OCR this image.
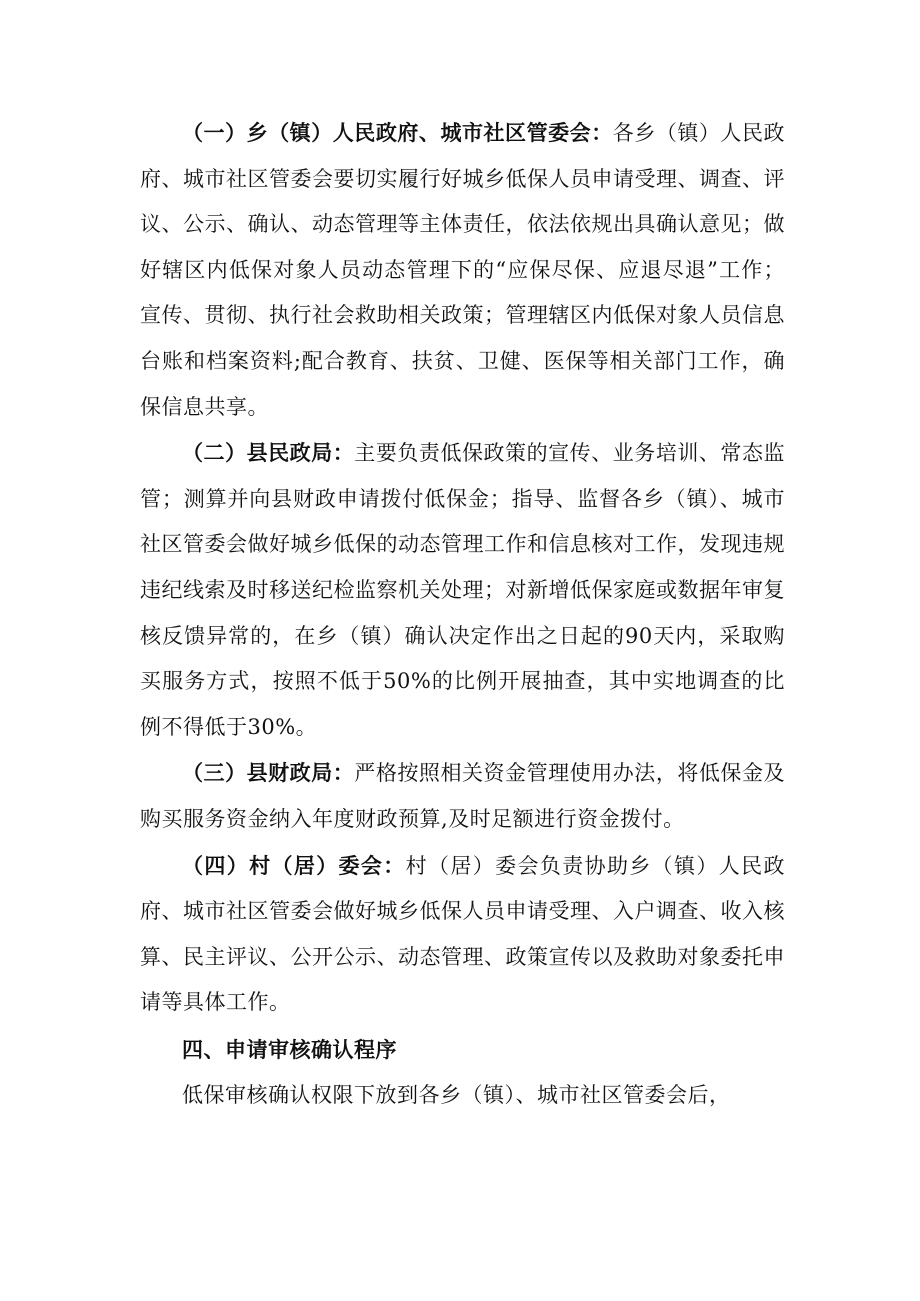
（一）乡（镇）人民政府、城市社区管委会：各乡（镇）人民政府、城市社区管委会要切实履行好城乡低保人员申请受理、调查、评议、公示、确认、动态管理等主体责任，依法依规出具确认意见；做好辖区内低保对象人员动态管理下的“应保尽保、应退尽退”工作；宣传、贯彻、执行社会救助相关政策；管理辖区内低保对象人员信息台账和档案资料;配合教育、扶贫、卫健、医保等相关部门工作，确保信息共享。

（二）县民政局：主要负责低保政策的宣传、业务培训、常态监管；测算并向县财政申请拨付低保金；指导、监督各乡（镇）、城市社区管委会做好城乡低保的动态管理工作和信息核对工作，发现违规违纪线索及时移送纪检监察机关处理；对新增低保家庭或数据年审复核反馈异常的，在乡（镇）确认决定作出之日起的90天内，采取购买服务方式，按照不低于50%的比例开展抽查，其中实地调查的比例不得低于30%。

（三）县财政局：严格按照相关资金管理使用办法，将低保金及购买服务资金纳入年度财政预算,及时足额进行资金拨付。

（四）村（居）委会：村（居）委会负责协助乡（镇）人民政府、城市社区管委会做好城乡低保人员申请受理、入户调查、收入核算、民主评议、公开公示、动态管理、政策宣传以及救助对象委托申请等具体工作。

四、申请审核确认程序

低保审核确认权限下放到各乡（镇）、城市社区管委会后，
